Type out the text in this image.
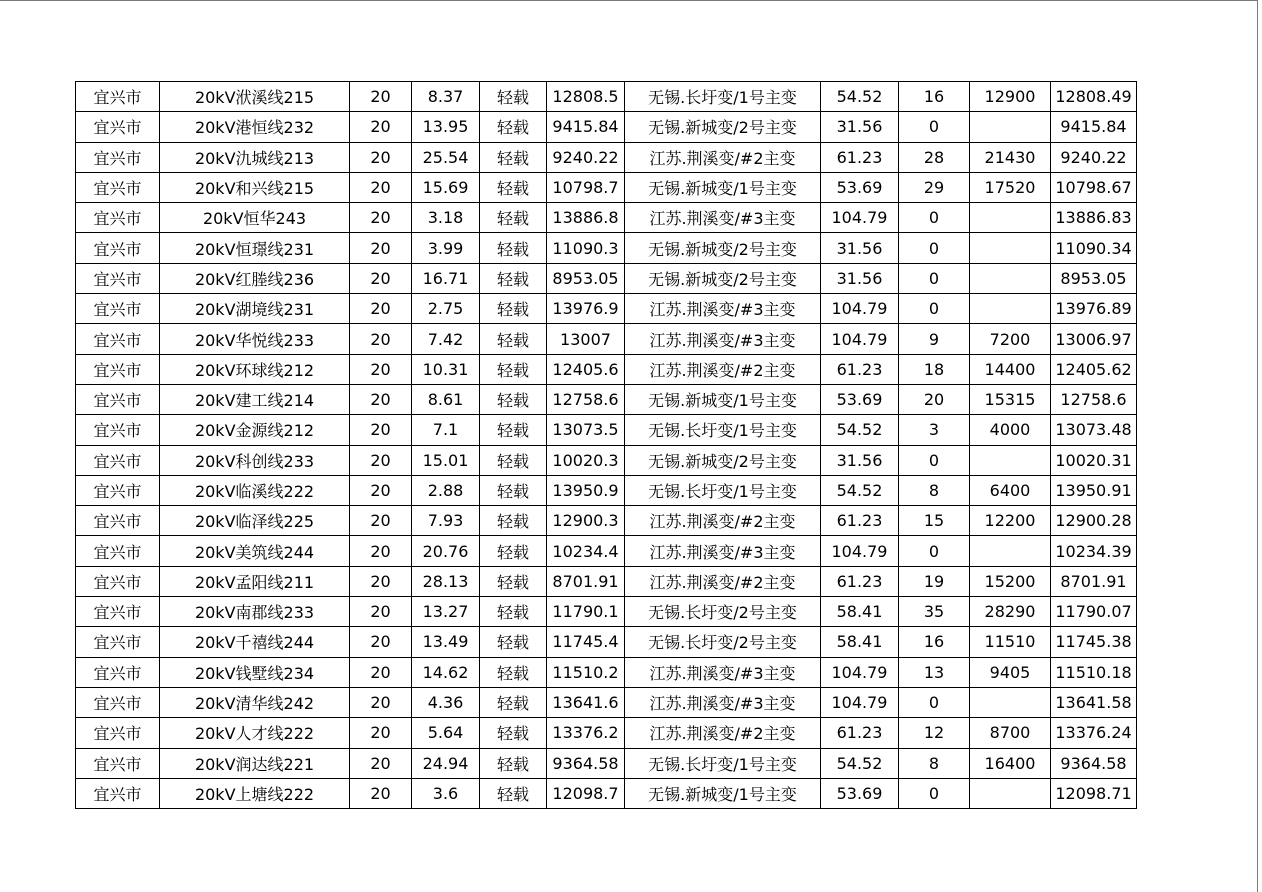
宜兴市	20kV洑溪线215	20	8.37	轻载	12808.5	无锡.长圩变/1号主变	54.52	16	12900	12808.49
宜兴市	20kV港恒线232	20	13.95	轻载	9415.84	无锡.新城变/2号主变	31.56	0		9415.84
宜兴市	20kV氿城线213	20	25.54	轻载	9240.22	江苏.荆溪变/#2主变	61.23	28	21430	9240.22
宜兴市	20kV和兴线215	20	15.69	轻载	10798.7	无锡.新城变/1号主变	53.69	29	17520	10798.67
宜兴市	20kV恒华243	20	3.18	轻载	13886.8	江苏.荆溪变/#3主变	104.79	0		13886.83
宜兴市	20kV恒璟线231	20	3.99	轻载	11090.3	无锡.新城变/2号主变	31.56	0		11090.34
宜兴市	20kV红塍线236	20	16.71	轻载	8953.05	无锡.新城变/2号主变	31.56	0		8953.05
宜兴市	20kV湖境线231	20	2.75	轻载	13976.9	江苏.荆溪变/#3主变	104.79	0		13976.89
宜兴市	20kV华悦线233	20	7.42	轻载	13007	江苏.荆溪变/#3主变	104.79	9	7200	13006.97
宜兴市	20kV环球线212	20	10.31	轻载	12405.6	江苏.荆溪变/#2主变	61.23	18	14400	12405.62
宜兴市	20kV建工线214	20	8.61	轻载	12758.6	无锡.新城变/1号主变	53.69	20	15315	12758.6
宜兴市	20kV金源线212	20	7.1	轻载	13073.5	无锡.长圩变/1号主变	54.52	3	4000	13073.48
宜兴市	20kV科创线233	20	15.01	轻载	10020.3	无锡.新城变/2号主变	31.56	0		10020.31
宜兴市	20kV临溪线222	20	2.88	轻载	13950.9	无锡.长圩变/1号主变	54.52	8	6400	13950.91
宜兴市	20kV临泽线225	20	7.93	轻载	12900.3	江苏.荆溪变/#2主变	61.23	15	12200	12900.28
宜兴市	20kV美筑线244	20	20.76	轻载	10234.4	江苏.荆溪变/#3主变	104.79	0		10234.39
宜兴市	20kV孟阳线211	20	28.13	轻载	8701.91	江苏.荆溪变/#2主变	61.23	19	15200	8701.91
宜兴市	20kV南郡线233	20	13.27	轻载	11790.1	无锡.长圩变/2号主变	58.41	35	28290	11790.07
宜兴市	20kV千禧线244	20	13.49	轻载	11745.4	无锡.长圩变/2号主变	58.41	16	11510	11745.38
宜兴市	20kV钱墅线234	20	14.62	轻载	11510.2	江苏.荆溪变/#3主变	104.79	13	9405	11510.18
宜兴市	20kV清华线242	20	4.36	轻载	13641.6	江苏.荆溪变/#3主变	104.79	0		13641.58
宜兴市	20kV人才线222	20	5.64	轻载	13376.2	江苏.荆溪变/#2主变	61.23	12	8700	13376.24
宜兴市	20kV润达线221	20	24.94	轻载	9364.58	无锡.长圩变/1号主变	54.52	8	16400	9364.58
宜兴市	20kV上塘线222	20	3.6	轻载	12098.7	无锡.新城变/1号主变	53.69	0		12098.71
